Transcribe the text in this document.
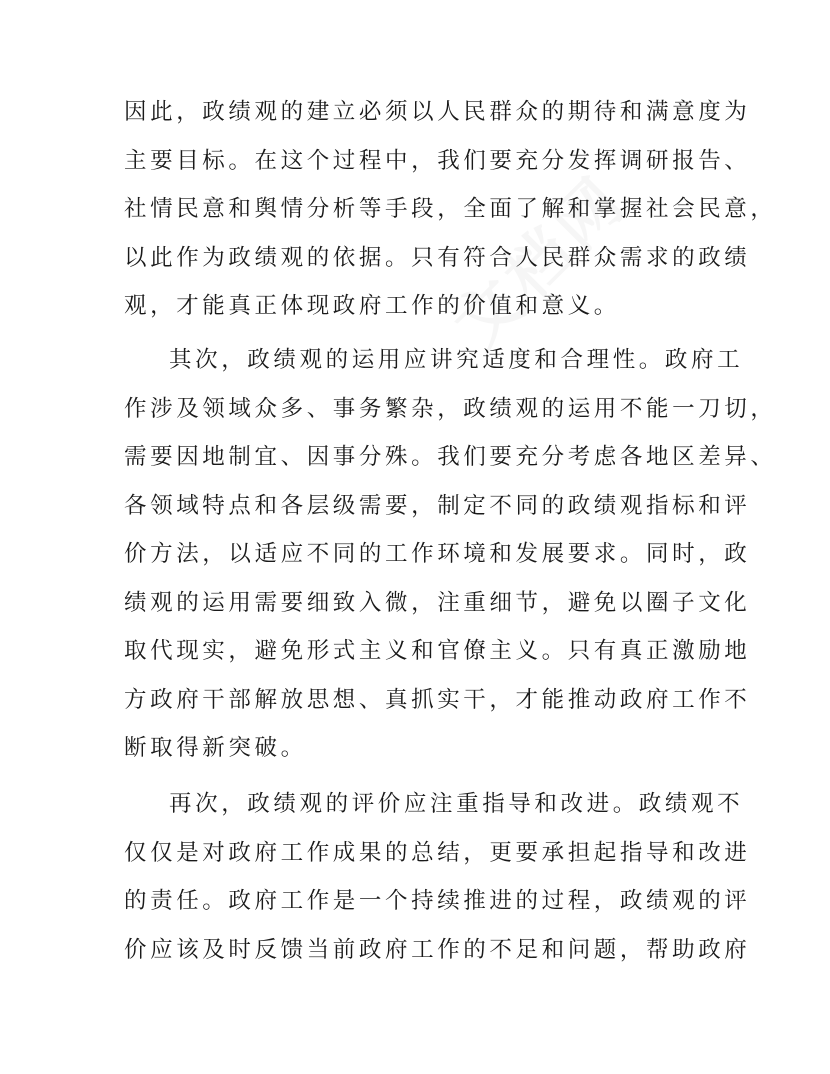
因此，政绩观的建立必须以人民群众的期待和满意度为
主要目标。在这个过程中，我们要充分发挥调研报告、
社情民意和舆情分析等手段，全面了解和掌握社会民意，
以此作为政绩观的依据。只有符合人民群众需求的政绩
观，才能真正体现政府工作的价值和意义。
其次，政绩观的运用应讲究适度和合理性。政府工
作涉及领域众多、事务繁杂，政绩观的运用不能一刀切，
需要因地制宜、因事分殊。我们要充分考虑各地区差异、
各领域特点和各层级需要，制定不同的政绩观指标和评
价方法，以适应不同的工作环境和发展要求。同时，政
绩观的运用需要细致入微，注重细节，避免以圈子文化
取代现实，避免形式主义和官僚主义。只有真正激励地
方政府干部解放思想、真抓实干，才能推动政府工作不
断取得新突破。
再次，政绩观的评价应注重指导和改进。政绩观不
仅仅是对政府工作成果的总结，更要承担起指导和改进
的责任。政府工作是一个持续推进的过程，政绩观的评
价应该及时反馈当前政府工作的不足和问题，帮助政府
